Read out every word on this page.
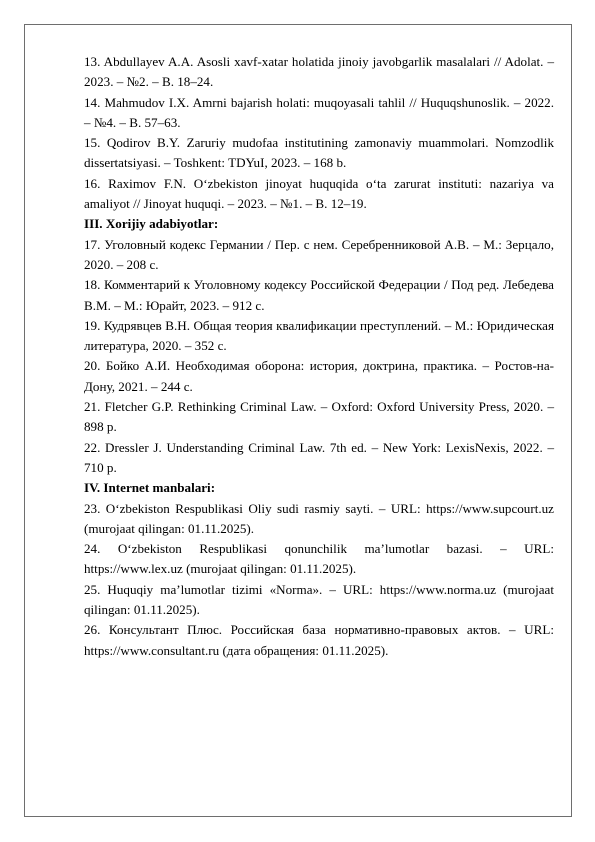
13. Abdullayev A.A. Asosli xavf-xatar holatida jinoiy javobgarlik masalalari // Adolat. – 2023. – №2. – B. 18–24.

14. Mahmudov I.X. Amrni bajarish holati: muqoyasali tahlil // Huquqshunoslik. – 2022. – №4. – B. 57–63.

15. Qodirov B.Y. Zaruriy mudofaa institutining zamonaviy muammolari. Nomzodlik dissertatsiyasi. – Toshkent: TDYuI, 2023. – 168 b.

16. Raximov F.N. O‘zbekiston jinoyat huquqida o‘ta zarurat instituti: nazariya va amaliyot // Jinoyat huquqi. – 2023. – №1. – B. 12–19.

III. Xorijiy adabiyotlar:

17. Уголовный кодекс Германии / Пер. с нем. Серебренниковой А.В. – М.: Зерцало, 2020. – 208 с.

18. Комментарий к Уголовному кодексу Российской Федерации / Под ред. Лебедева В.М. – М.: Юрайт, 2023. – 912 с.

19. Кудрявцев В.Н. Общая теория квалификации преступлений. – М.: Юридическая литература, 2020. – 352 с.

20. Бойко А.И. Необходимая оборона: история, доктрина, практика. – Ростов-на-Дону, 2021. – 244 с.

21. Fletcher G.P. Rethinking Criminal Law. – Oxford: Oxford University Press, 2020. – 898 p.

22. Dressler J. Understanding Criminal Law. 7th ed. – New York: LexisNexis, 2022. – 710 p.

IV. Internet manbalari:

23. O‘zbekiston Respublikasi Oliy sudi rasmiy sayti. – URL: https://www.supcourt.uz (murojaat qilingan: 01.11.2025).

24. O‘zbekiston Respublikasi qonunchilik ma’lumotlar bazasi. – URL: https://www.lex.uz (murojaat qilingan: 01.11.2025).

25. Huquqiy ma’lumotlar tizimi «Norma». – URL: https://www.norma.uz (murojaat qilingan: 01.11.2025).

26. Консультант Плюс. Российская база нормативно-правовых актов. – URL: https://www.consultant.ru (дата обращения: 01.11.2025).
